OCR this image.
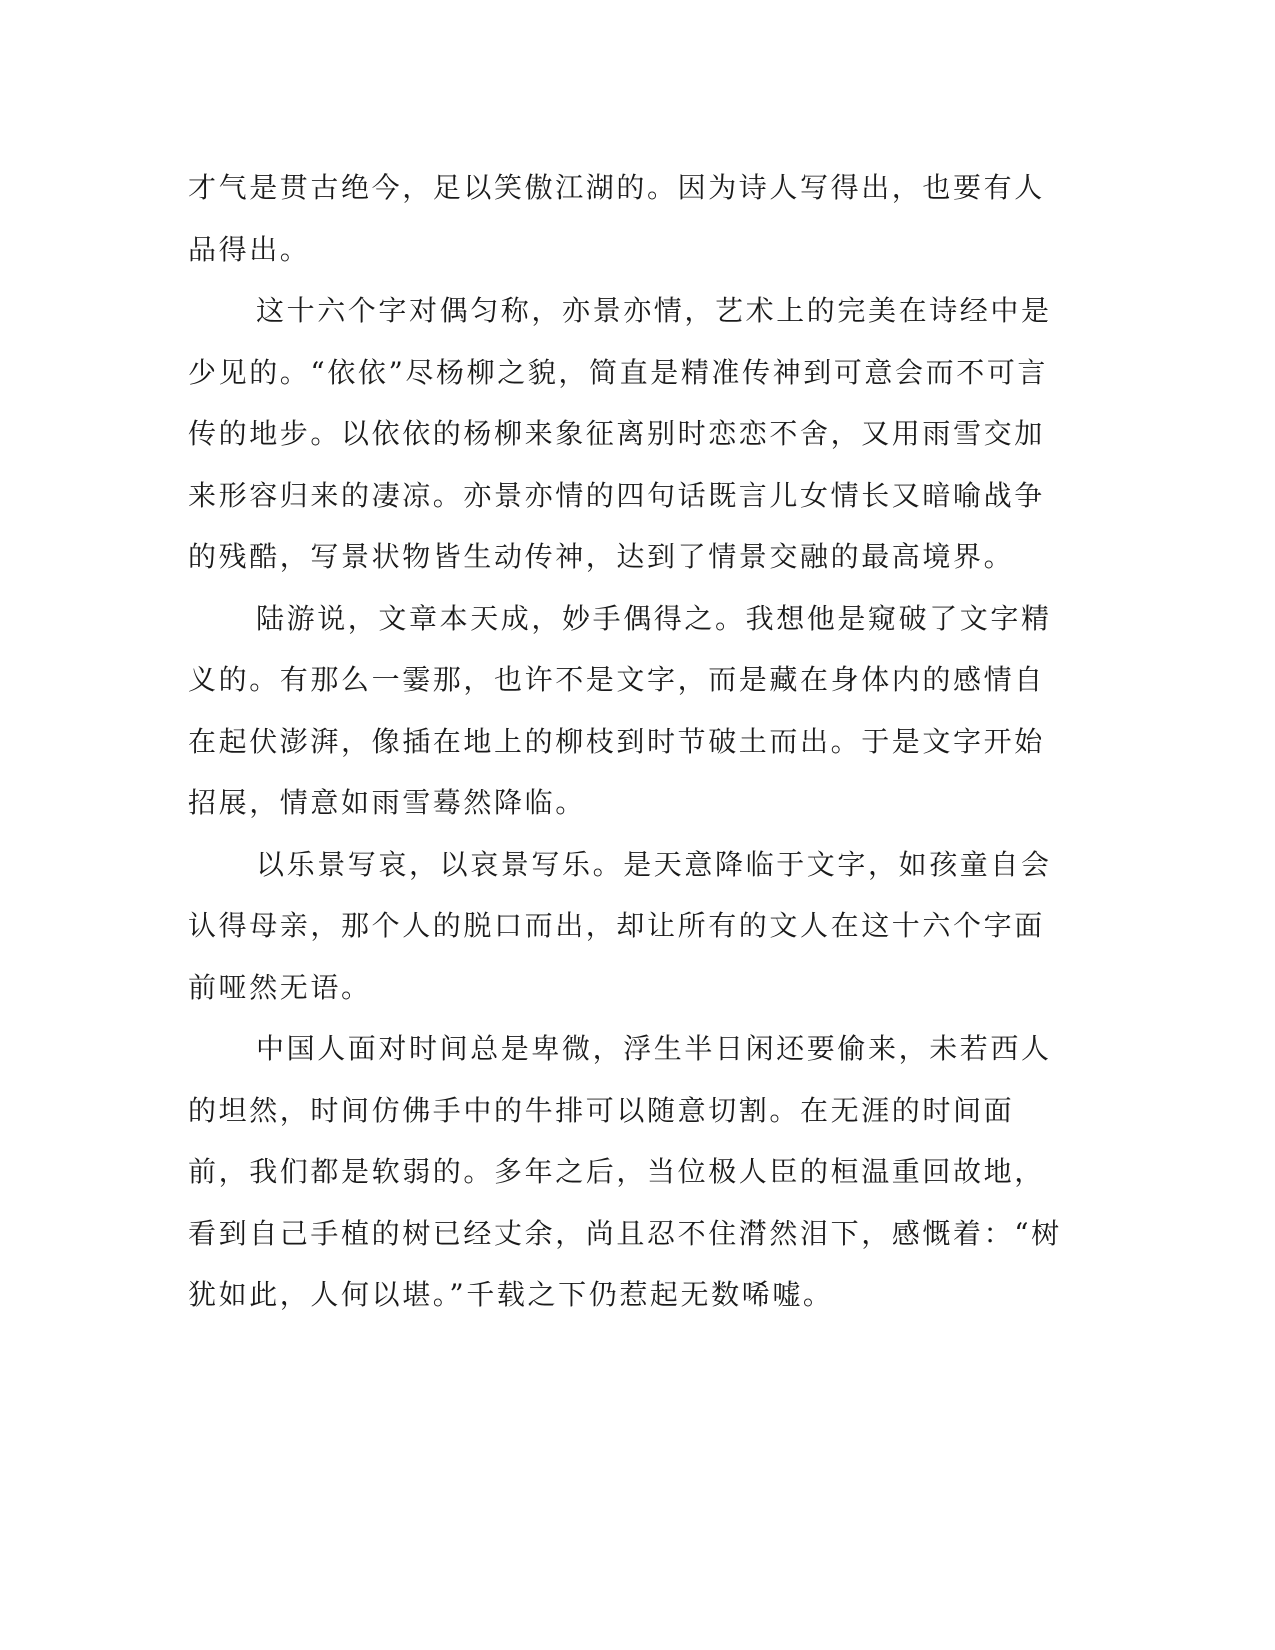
才气是贯古绝今，足以笑傲江湖的。因为诗人写得出，也要有人品得出。

这十六个字对偶匀称，亦景亦情，艺术上的完美在诗经中是少见的。“依依”尽杨柳之貌，简直是精准传神到可意会而不可言传的地步。以依依的杨柳来象征离别时恋恋不舍，又用雨雪交加来形容归来的凄凉。亦景亦情的四句话既言儿女情长又暗喻战争的残酷，写景状物皆生动传神，达到了情景交融的最高境界。

陆游说，文章本天成，妙手偶得之。我想他是窥破了文字精义的。有那么一霎那，也许不是文字，而是藏在身体内的感情自在起伏澎湃，像插在地上的柳枝到时节破土而出。于是文字开始招展，情意如雨雪蓦然降临。

以乐景写哀，以哀景写乐。是天意降临于文字，如孩童自会认得母亲，那个人的脱口而出，却让所有的文人在这十六个字面前哑然无语。

中国人面对时间总是卑微，浮生半日闲还要偷来，未若西人的坦然，时间仿佛手中的牛排可以随意切割。在无涯的时间面前，我们都是软弱的。多年之后，当位极人臣的桓温重回故地，看到自己手植的树已经丈余，尚且忍不住潸然泪下，感慨着：“树犹如此，人何以堪。”千载之下仍惹起无数唏嘘。
